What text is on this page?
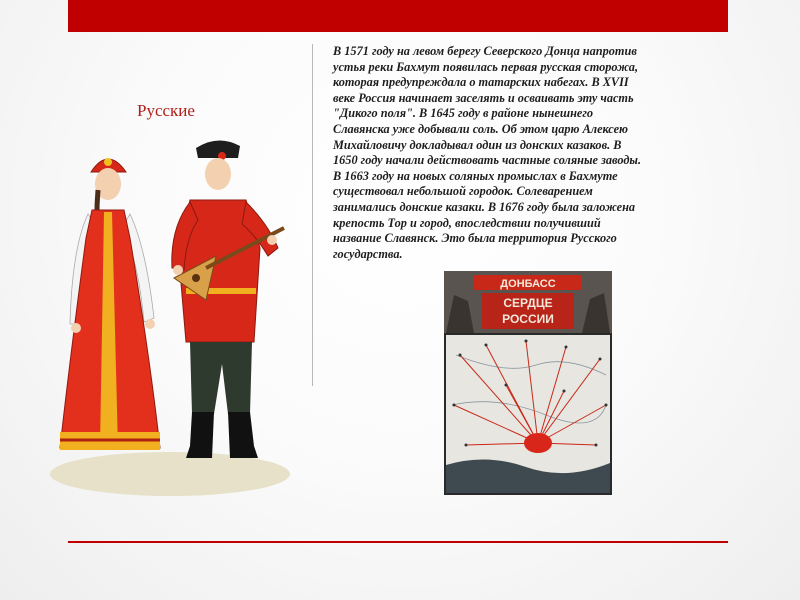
Русские

В 1571 году на левом берегу Северского Донца напротив
устья реки Бахмут появилась первая русская сторожа,
которая предупреждала о татарских набегах. В XVII
веке Россия начинает заселять и осваивать эту часть
"Дикого поля". В 1645 году в районе нынешнего
Славянска уже добывали соль. Об этом царю Алексею
Михайловичу докладывал один из донских казаков. В
1650 году начали действовать частные соляные заводы.
В 1663 году на новых соляных промыслах в Бахмуте
существовал небольшой городок. Солеварением
занимались донские казаки. В 1676 году была заложена
крепость Тор и город, впоследствии получивший
название Славянск. Это была территория Русского
государства.

ДОНБАСС
СЕРДЦЕ
РОССИИ
